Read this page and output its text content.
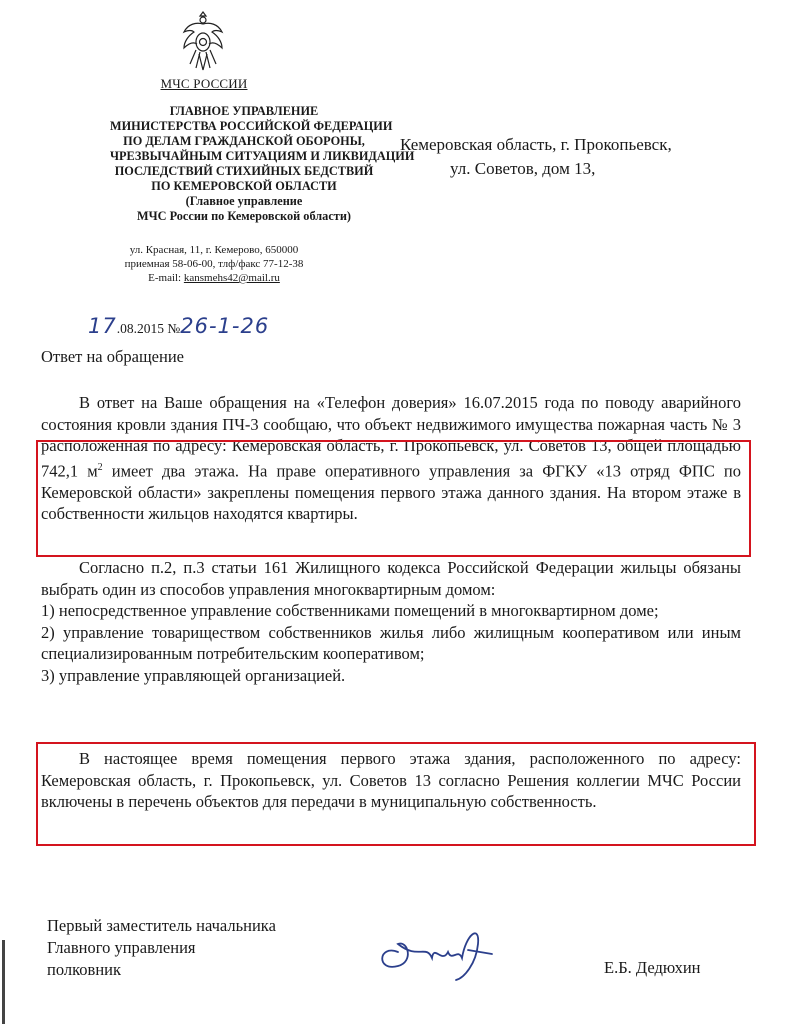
МЧС РОССИИ
ГЛАВНОЕ УПРАВЛЕНИЕ
МИНИСТЕРСТВА РОССИЙСКОЙ ФЕДЕРАЦИИ
ПО ДЕЛАМ ГРАЖДАНСКОЙ ОБОРОНЫ,
ЧРЕЗВЫЧАЙНЫМ СИТУАЦИЯМ И ЛИКВИДАЦИИ
ПОСЛЕДСТВИЙ СТИХИЙНЫХ БЕДСТВИЙ
ПО КЕМЕРОВСКОЙ ОБЛАСТИ
(Главное управление
МЧС России по Кемеровской области)
ул. Красная, 11, г. Кемерово, 650000
приемная 58-06-00, тлф/факс 77-12-38
E-mail: kansmehs42@mail.ru
Кемеровская область, г. Прокопьевск,
ул. Советов, дом 13,
17.08.2015 №26-1-26
Ответ на обращение
В ответ на Ваше обращения на «Телефон доверия» 16.07.2015 года по поводу аварийного состояния кровли здания ПЧ-3 сообщаю, что объект недвижимого имущества пожарная часть № 3 расположенная по адресу: Кемеровская область, г. Прокопьевск, ул. Советов 13, общей площадью 742,1 $м^2$ имеет два этажа. На праве оперативного управления за ФГКУ «13 отряд ФПС по Кемеровской области» закреплены помещения первого этажа данного здания. На втором этаже в собственности жильцов находятся квартиры.
Согласно п.2, п.3 статьи 161 Жилищного кодекса Российской Федерации жильцы обязаны выбрать один из способов управления многоквартирным домом:
1) непосредственное управление собственниками помещений в многоквартирном доме;
2) управление товариществом собственников жилья либо жилищным кооперативом или иным специализированным потребительским кооперативом;
3) управление управляющей организацией.
В настоящее время помещения первого этажа здания, расположенного по адресу: Кемеровская область, г. Прокопьевск, ул. Советов 13 согласно Решения коллегии МЧС России включены в перечень объектов для передачи в муниципальную собственность.
Первый заместитель начальника
Главного управления
полковник	Е.Б. Дедюхин
